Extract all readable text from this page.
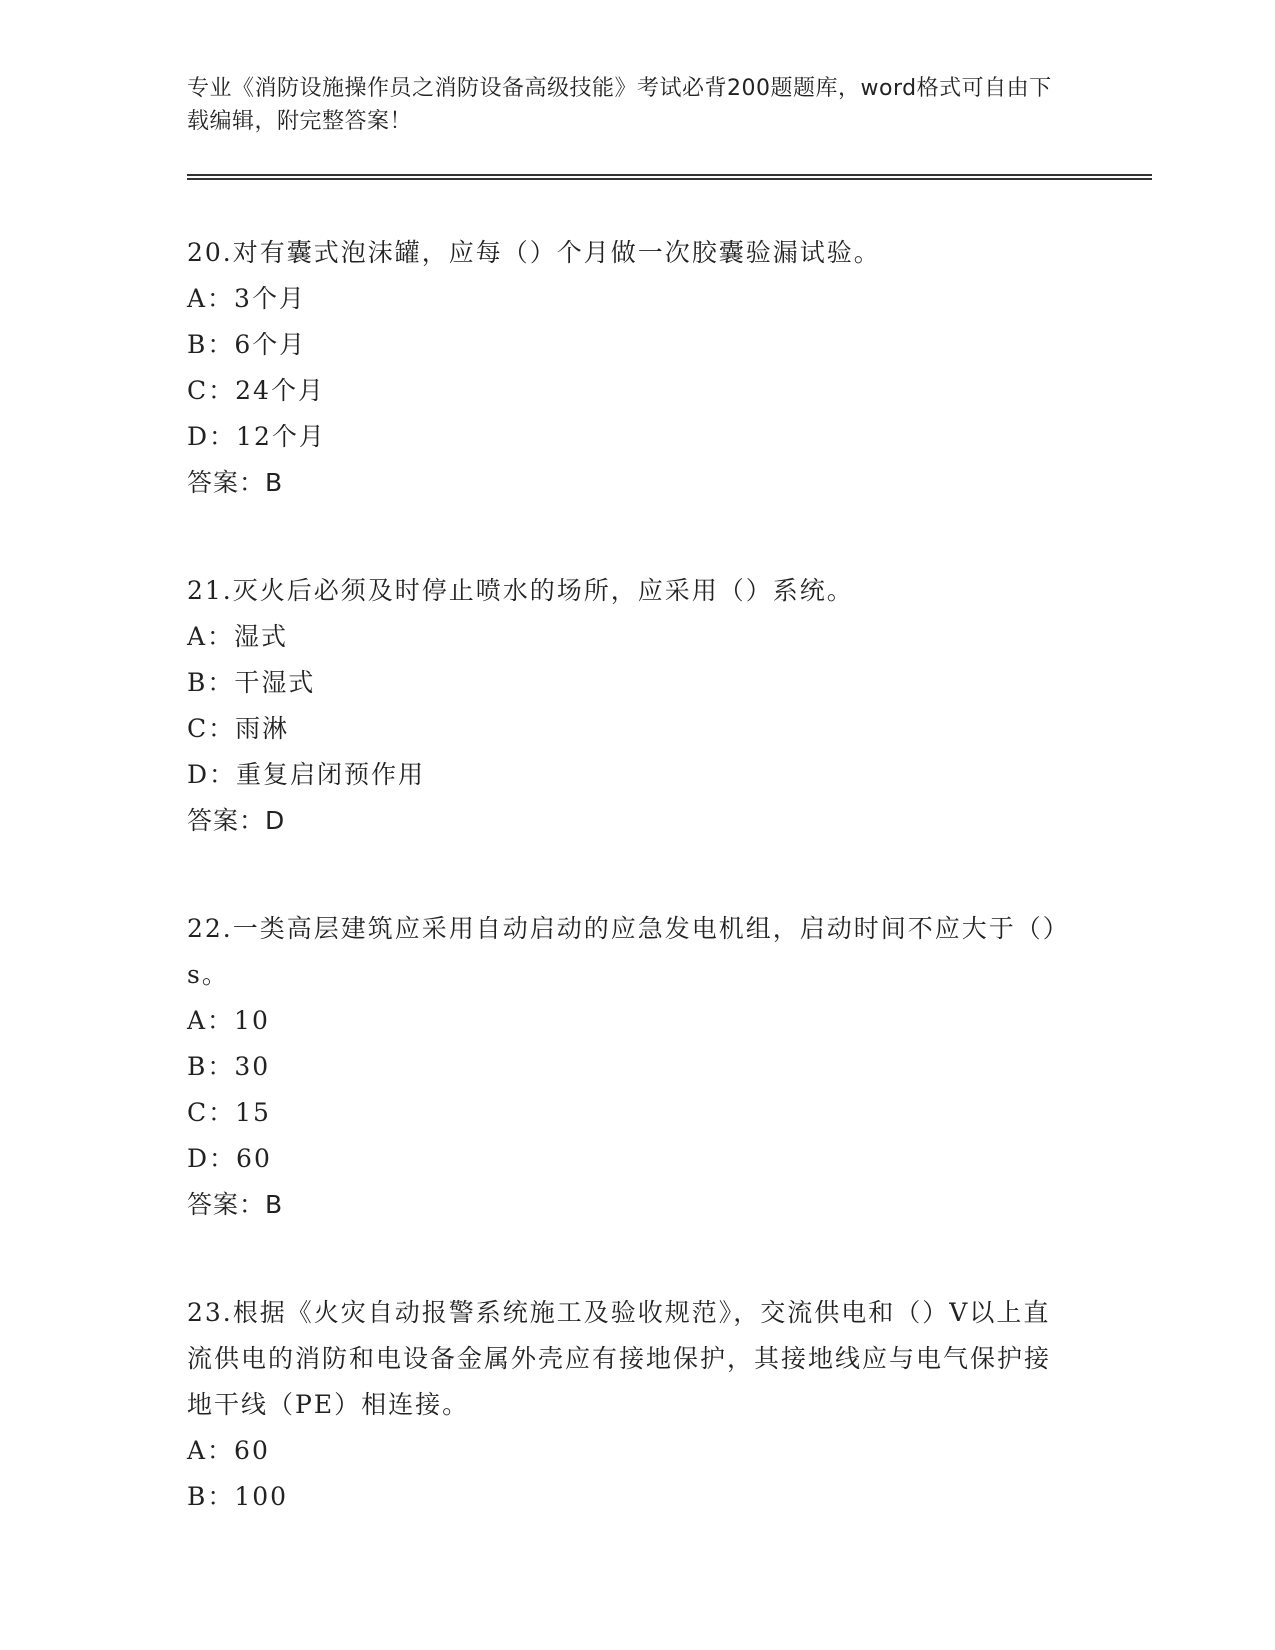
专业《消防设施操作员之消防设备高级技能》考试必背200题题库，word格式可自由下载编辑，附完整答案！
20.对有囊式泡沫罐，应每（）个月做一次胶囊验漏试验。
A：3个月
B：6个月
C：24个月
D：12个月
答案：B
21.灭火后必须及时停止喷水的场所，应采用（）系统。
A：湿式
B：干湿式
C：雨淋
D：重复启闭预作用
答案：D
22.一类高层建筑应采用自动启动的应急发电机组，启动时间不应大于（）s。
A：10
B：30
C：15
D：60
答案：B
23.根据《火灾自动报警系统施工及验收规范》，交流供电和（）V以上直流供电的消防和电设备金属外壳应有接地保护，其接地线应与电气保护接地干线（PE）相连接。
A：60
B：100
